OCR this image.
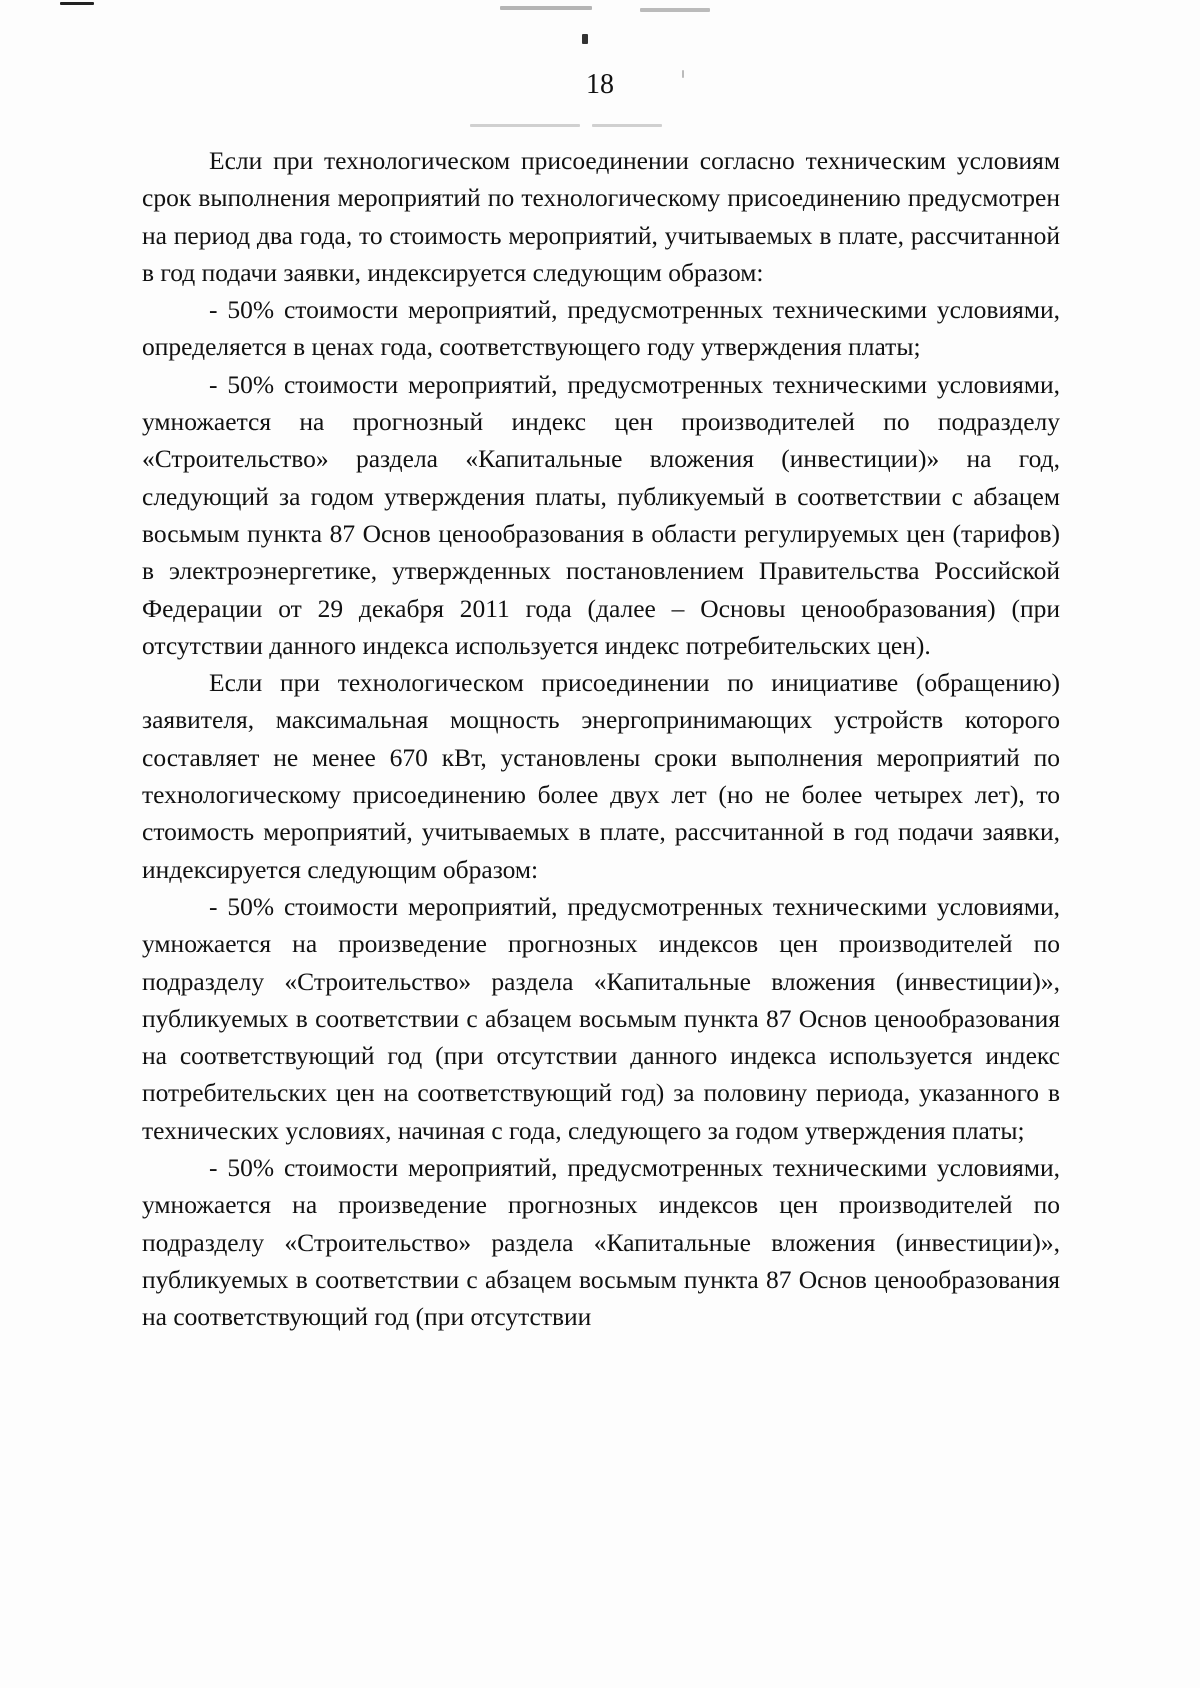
18

Если при технологическом присоединении согласно техническим условиям срок выполнения мероприятий по технологическому присоединению предусмотрен на период два года, то стоимость мероприятий, учитываемых в плате, рассчитанной в год подачи заявки, индексируется следующим образом:

- 50% стоимости мероприятий, предусмотренных техническими условиями, определяется в ценах года, соответствующего году утверждения платы;

- 50% стоимости мероприятий, предусмотренных техническими условиями, умножается на прогнозный индекс цен производителей по подразделу «Строительство» раздела «Капитальные вложения (инвестиции)» на год, следующий за годом утверждения платы, публикуемый в соответствии с абзацем восьмым пункта 87 Основ ценообразования в области регулируемых цен (тарифов) в электроэнергетике, утвержденных постановлением Правительства Российской Федерации от 29 декабря 2011 года (далее – Основы ценообразования) (при отсутствии данного индекса используется индекс потребительских цен).

Если при технологическом присоединении по инициативе (обращению) заявителя, максимальная мощность энергопринимающих устройств которого составляет не менее 670 кВт, установлены сроки выполнения мероприятий по технологическому присоединению более двух лет (но не более четырех лет), то стоимость мероприятий, учитываемых в плате, рассчитанной в год подачи заявки, индексируется следующим образом:

- 50% стоимости мероприятий, предусмотренных техническими условиями, умножается на произведение прогнозных индексов цен производителей по подразделу «Строительство» раздела «Капитальные вложения (инвестиции)», публикуемых в соответствии с абзацем восьмым пункта 87 Основ ценообразования на соответствующий год (при отсутствии данного индекса используется индекс потребительских цен на соответствующий год) за половину периода, указанного в технических условиях, начиная с года, следующего за годом утверждения платы;

- 50% стоимости мероприятий, предусмотренных техническими условиями, умножается на произведение прогнозных индексов цен производителей по подразделу «Строительство» раздела «Капитальные вложения (инвестиции)», публикуемых в соответствии с абзацем восьмым пункта 87 Основ ценообразования на соответствующий год (при отсутствии
